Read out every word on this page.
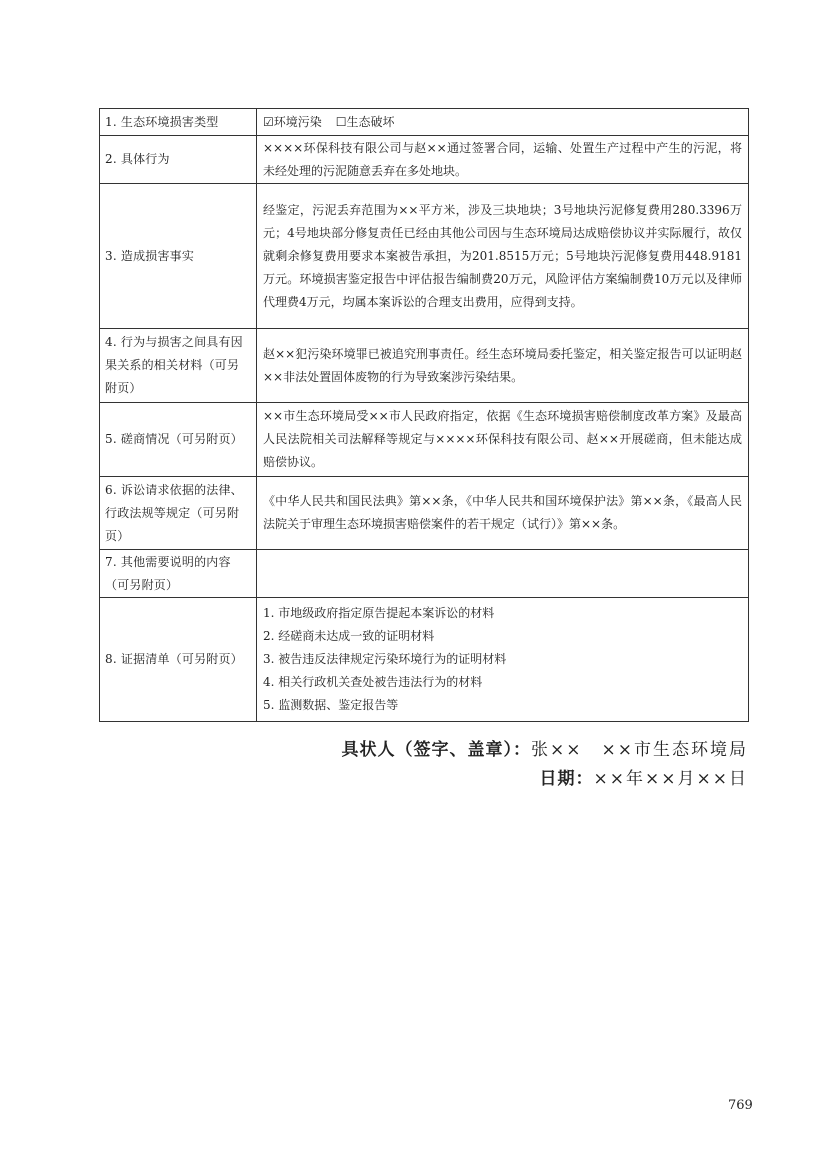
1. 生态环境损害类型	☑环境污染 ☐生态破坏
2. 具体行为	××××环保科技有限公司与赵××通过签署合同，运输、处置生产过程中产生的污泥，将未经处理的污泥随意丢弃在多处地块。
3. 造成损害事实	经鉴定，污泥丢弃范围为××平方米，涉及三块地块；3号地块污泥修复费用280.3396万元；4号地块部分修复责任已经由其他公司因与生态环境局达成赔偿协议并实际履行，故仅就剩余修复费用要求本案被告承担，为201.8515万元；5号地块污泥修复费用448.9181万元。环境损害鉴定报告中评估报告编制费20万元，风险评估方案编制费10万元以及律师代理费4万元，均属本案诉讼的合理支出费用，应得到支持。
4. 行为与损害之间具有因果关系的相关材料（可另附页）	赵××犯污染环境罪已被追究刑事责任。经生态环境局委托鉴定，相关鉴定报告可以证明赵××非法处置固体废物的行为导致案涉污染结果。
5. 磋商情况（可另附页）	××市生态环境局受××市人民政府指定，依据《生态环境损害赔偿制度改革方案》及最高人民法院相关司法解释等规定与××××环保科技有限公司、赵××开展磋商，但未能达成赔偿协议。
6. 诉讼请求依据的法律、行政法规等规定（可另附页）	《中华人民共和国民法典》第××条，《中华人民共和国环境保护法》第××条，《最高人民法院关于审理生态环境损害赔偿案件的若干规定（试行）》第××条。
7. 其他需要说明的内容（可另附页）	
8. 证据清单（可另附页）	1. 市地级政府指定原告提起本案诉讼的材料
2. 经磋商未达成一致的证明材料
3. 被告违反法律规定污染环境行为的证明材料
4. 相关行政机关查处被告违法行为的材料
5. 监测数据、鉴定报告等
具状人（签字、盖章）：张××　××市生态环境局
日期：××年××月××日
769
